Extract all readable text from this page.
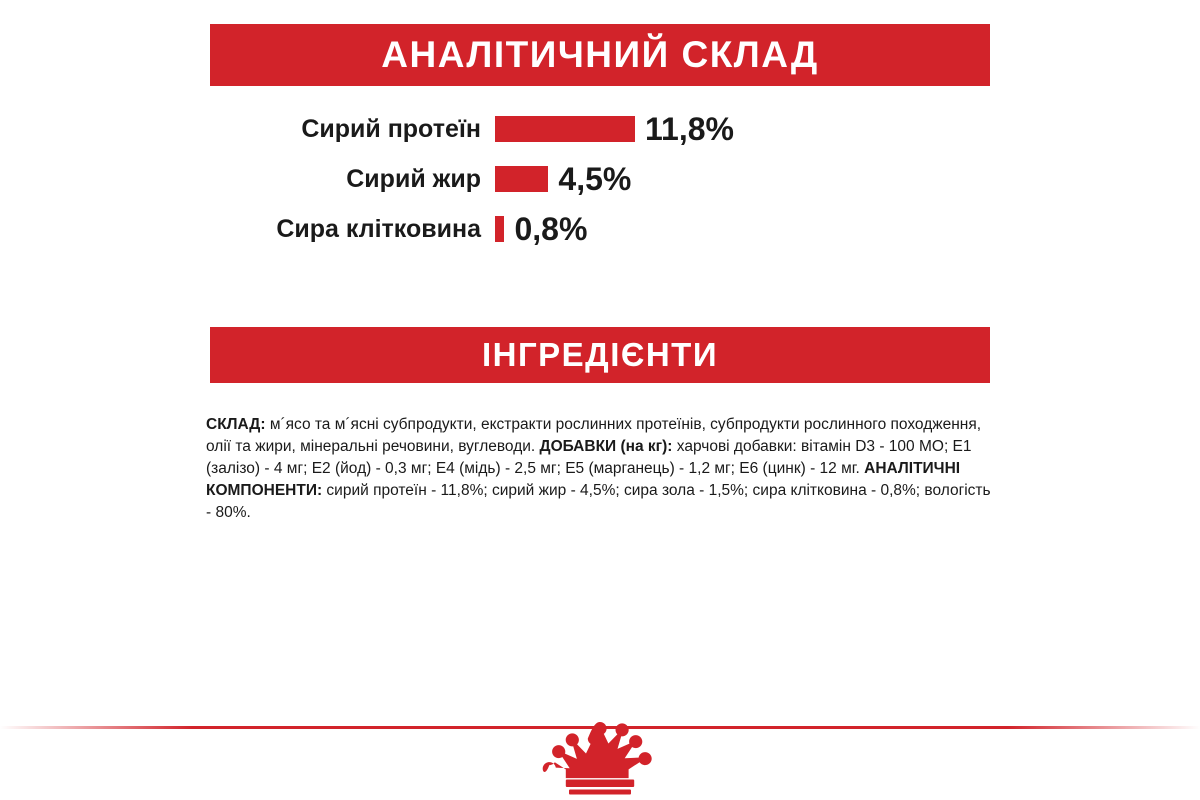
АНАЛІТИЧНИЙ СКЛАД
Сирий протеїн	11,8%
Сирий жир	4,5%
Сира клітковина	0,8%
ІНГРЕДІЄНТИ

СКЛАД: м´ясо та м´ясні субпродукти, екстракти рослинних протеїнів, субпродукти рослинного походження, олії та жири, мінеральні речовини, вуглеводи. ДОБАВКИ (на кг): харчові добавки: вітамін D3 - 100 МО; E1 (залізо) - 4 мг; E2 (йод) - 0,3 мг; E4 (мідь) - 2,5 мг; E5 (марганець) - 1,2 мг; E6 (цинк) - 12 мг. АНАЛІТИЧНІ КОМПОНЕНТИ: сирий протеїн - 11,8%; сирий жир - 4,5%; сира зола - 1,5%; сира клітковина - 0,8%; вологість - 80%.
